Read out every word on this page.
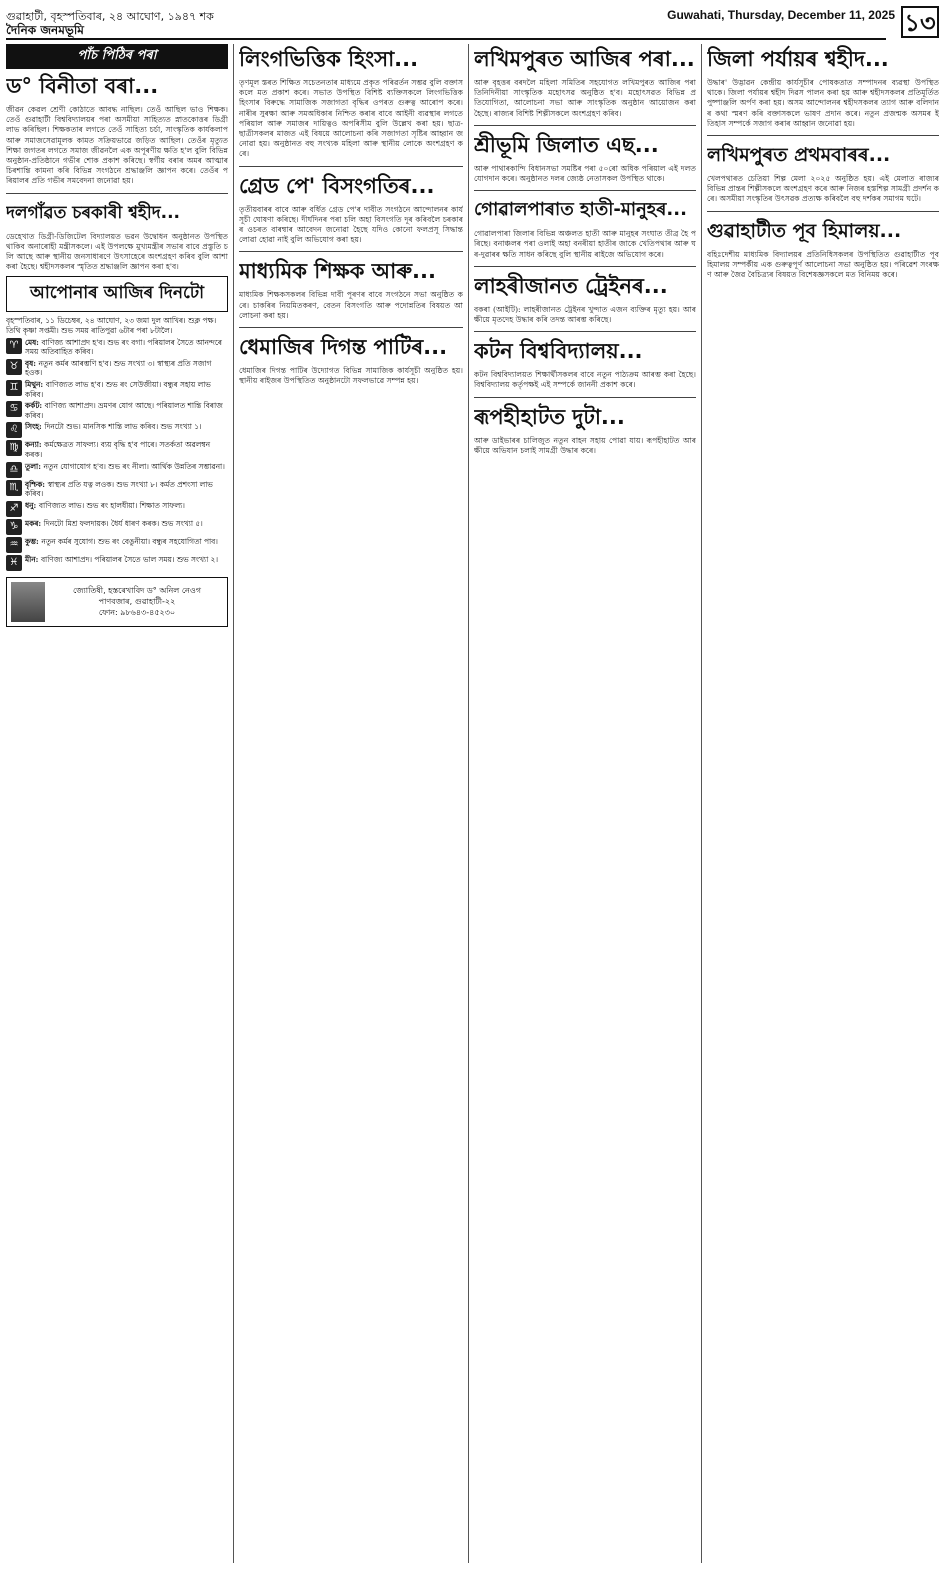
গুৱাহাটী, বৃহস্পতিবাৰ, ২৪ আঘোণ, ১৯৪৭ শক	Guwahati, Thursday, December 11, 2025 ১৩
দৈনিক জনমভূমি
পাঁচ পিঠিৰ পৰা
ড° বিনীতা বৰা...
জীৱন কেৱল শ্ৰেণী কোঠাতে আবদ্ধ নাছিল। তেওঁ আছিল ভাও শিক্ষক। তেওঁ গুৱাহাটী বিশ্ববিদ্যালয়ৰ পৰা অসমীয়া সাহিত্যত স্নাতকোত্তৰ ডিগ্ৰী লাভ কৰিছিল। শিক্ষকতাৰ লগতে তেওঁ সাহিত্য চৰ্চা, সাংস্কৃতিক কাৰ্যকলাপ আৰু সমাজসেৱামূলক কামত সক্ৰিয়ভাৱে জড়িত আছিল। তেওঁৰ মৃত্যুত শিক্ষা জগতৰ লগতে সমাজ জীৱনলৈ এক অপূৰণীয় ক্ষতি হ'ল বুলি বিভিন্ন অনুষ্ঠান-প্ৰতিষ্ঠানে গভীৰ শোক প্ৰকাশ কৰিছে। স্বৰ্গীয় বৰাৰ অমৰ আত্মাৰ চিৰশান্তি কামনা কৰি বিভিন্ন সংগঠনে শ্ৰদ্ধাঞ্জলি জ্ঞাপন কৰে। তেওঁৰ পৰিয়ালৰ প্ৰতি গভীৰ সমবেদনা জনোৱা হয়।
দলগাঁৱত চৰকাৰী শ্বহীদ...
ডেহেখাত ডিগ্ৰী-ডিজিটেল বিদ্যালয়ত ভৱন উদ্বোধন অনুষ্ঠানত উপস্থিত থাকিব অনাৰোহী মন্ত্ৰীসকলে। এই উপলক্ষে মুখ্যমন্ত্ৰীৰ সভাৰ বাবে প্ৰস্তুতি চলি আছে আৰু স্থানীয় জনসাধাৰণে উৎসাহেৰে অংশগ্ৰহণ কৰিব বুলি আশা কৰা হৈছে। শ্বহীদসকলৰ স্মৃতিত শ্ৰদ্ধাঞ্জলি জ্ঞাপন কৰা হ'ব।
আপোনাৰ আজিৰ দিনটো
বৃহস্পতিবাৰ, ১১ ডিচেম্বৰ, ২৪ আঘোণ, ২৩ জমা দুল আখিৰ। শুক্ল পক্ষ। তিথি কৃষ্ণা সপ্তমী। শুভ সময় ৰাতিপুৱা ৬টাৰ পৰা ৮টালৈ।
♈ মেষ: বাণিজ্য আশাপ্ৰদ হ'ব। শুভ ৰং বগা। পৰিয়ালৰ সৈতে আনন্দৰে সময় অতিবাহিত কৰিব।
♉ বৃষ: নতুন কৰ্মৰ আৰম্ভণি হ'ব। শুভ সংখ্যা ৩। স্বাস্থ্যৰ প্ৰতি সজাগ হওক।
♊ মিথুন: বাণিজ্যত লাভ হ'ব। শুভ ৰং সেউজীয়া। বন্ধুৰ সহায় লাভ কৰিব।
♋ কৰ্কট: বাণিজ্য আশাপ্ৰদ। ভ্ৰমণৰ যোগ আছে। পৰিয়ালত শান্তি বিৰাজ কৰিব।
♌ সিংহ: দিনটো শুভ। মানসিক শান্তি লাভ কৰিব। শুভ সংখ্যা ১।
♍ কন্যা: কৰ্মক্ষেত্ৰত সাফল্য। ব্যয় বৃদ্ধি হ'ব পাৰে। সতৰ্কতা অৱলম্বন কৰক।
♎ তুলা: নতুন যোগাযোগ হ'ব। শুভ ৰং নীলা। আৰ্থিক উন্নতিৰ সম্ভাৱনা।
♏ বৃশ্চিক: স্বাস্থ্যৰ প্ৰতি যত্ন লওক। শুভ সংখ্যা ৮। কৰ্মত প্ৰশংসা লাভ কৰিব।
♐ ধনু: বাণিজ্যত লাভ। শুভ ৰং হালধীয়া। শিক্ষাত সাফল্য।
♑ মকৰ: দিনটো মিশ্ৰ ফলদায়ক। ধৈৰ্য ধাৰণ কৰক। শুভ সংখ্যা ৫।
♒ কুম্ভ: নতুন কৰ্মৰ সুযোগ। শুভ ৰং বেঙুনীয়া। বন্ধুৰ সহযোগিতা পাব।
♓ মীন: বাণিজ্য আশাপ্ৰদ। পৰিয়ালৰ সৈতে ভাল সময়। শুভ সংখ্যা ২।
জ্যোতিষী, হস্তৰেখাবিদ ড° অনিল নেওগ
পাণবজাৰ, গুৱাহাটী-২২
ফোন: ৯৮৬৪৩-৪৫২৩০
লিংগভিত্তিক হিংসা...
তৃণমূল স্তৰত শিক্ষিত সচেতনতাৰ মাধ্যমে প্ৰকৃত পৰিৱৰ্তন সম্ভৱ বুলি বক্তাসকলে মত প্ৰকাশ কৰে। সভাত উপস্থিত বিশিষ্ট ব্যক্তিসকলে লিংগভিত্তিক হিংসাৰ বিৰুদ্ধে সামাজিক সজাগতা বৃদ্ধিৰ ওপৰত গুৰুত্ব আৰোপ কৰে। নাৰীৰ সুৰক্ষা আৰু সমঅধিকাৰ নিশ্চিত কৰাৰ বাবে আইনী ব্যৱস্থাৰ লগতে পৰিয়াল আৰু সমাজৰ দায়িত্বও অপৰিসীম বুলি উল্লেখ কৰা হয়। ছাত্ৰ-ছাত্ৰীসকলৰ মাজত এই বিষয়ে আলোচনা কৰি সজাগতা সৃষ্টিৰ আহ্বান জনোৱা হয়। অনুষ্ঠানত বহু সংখ্যক মহিলা আৰু স্থানীয় লোকে অংশগ্ৰহণ কৰে।
গ্ৰেড পে' বিসংগতিৰ...
তৃতীয়বাৰৰ বাবে আৰু বৰ্ধিত গ্ৰেড পে'ৰ দাবীত সংগঠনে আন্দোলনৰ কাৰ্যসূচী ঘোষণা কৰিছে। দীৰ্ঘদিনৰ পৰা চলি অহা বিসংগতি দূৰ কৰিবলৈ চৰকাৰৰ ওচৰত বাৰম্বাৰ আবেদন জনোৱা হৈছে যদিও কোনো ফলপ্ৰসূ সিদ্ধান্ত লোৱা হোৱা নাই বুলি অভিযোগ কৰা হয়।
মাধ্যমিক শিক্ষক আৰু...
মাধ্যমিক শিক্ষকসকলৰ বিভিন্ন দাবী পূৰণৰ বাবে সংগঠনে সভা অনুষ্ঠিত কৰে। চাকৰিৰ নিয়মিতকৰণ, বেতন বিসংগতি আৰু পদোন্নতিৰ বিষয়ত আলোচনা কৰা হয়।
ধেমাজিৰ দিগন্ত পাটিৰ...
ধেমাজিৰ দিগন্ত পাটিৰ উদ্যোগত বিভিন্ন সামাজিক কাৰ্যসূচী অনুষ্ঠিত হয়। স্থানীয় ৰাইজৰ উপস্থিতিত অনুষ্ঠানটো সফলভাৱে সম্পন্ন হয়।
লখিমপুৰত আজিৰ পৰা...
আৰু বৃহত্তৰ বৰদলৈ মহিলা সমিতিৰ সহযোগত লখিমপুৰত আজিৰ পৰা তিনিদিনীয়া সাংস্কৃতিক মহোৎসৱ অনুষ্ঠিত হ'ব। মহোৎসৱত বিভিন্ন প্ৰতিযোগিতা, আলোচনা সভা আৰু সাংস্কৃতিক অনুষ্ঠান আয়োজন কৰা হৈছে। ৰাজ্যৰ বিশিষ্ট শিল্পীসকলে অংশগ্ৰহণ কৰিব।
শ্ৰীভূমি জিলাত এছ...
আৰু পাথাৰকান্দি বিধানসভা সমষ্টিৰ পৰা ৫০ৰো অধিক পৰিয়াল এই দলত যোগদান কৰে। অনুষ্ঠানত দলৰ জ্যেষ্ঠ নেতাসকল উপস্থিত থাকে।
গোৱালপাৰাত হাতী-মানুহৰ...
গোৱালপাৰা জিলাৰ বিভিন্ন অঞ্চলত হাতী আৰু মানুহৰ সংঘাত তীব্ৰ হৈ পৰিছে। বনাঞ্চলৰ পৰা ওলাই অহা বনৰীয়া হাতীৰ জাকে খেতিপথাৰ আৰু ঘৰ-দুৱাৰৰ ক্ষতি সাধন কৰিছে বুলি স্থানীয় ৰাইজে অভিযোগ কৰে।
লাহৰীজানত ট্ৰেইনৰ...
বকৰা (আইটি): লাহৰীজানত ট্ৰেইনৰ খুন্দাত এজন ব্যক্তিৰ মৃত্যু হয়। আৰক্ষীয়ে মৃতদেহ উদ্ধাৰ কৰি তদন্ত আৰম্ভ কৰিছে।
কটন বিশ্ববিদ্যালয়...
কটন বিশ্ববিদ্যালয়ত শিক্ষাৰ্থীসকলৰ বাবে নতুন পাঠ্যক্ৰম আৰম্ভ কৰা হৈছে। বিশ্ববিদ্যালয় কৰ্তৃপক্ষই এই সম্পৰ্কে জাননী প্ৰকাশ কৰে।
ৰূপহীহাটত দুটা...
আৰু ডাইভাৰৰ চালিজুত নতুন বাহন সহায় পোৱা যায়। ৰূপহীহাটত আৰক্ষীয়ে অভিযান চলাই সামগ্ৰী উদ্ধাৰ কৰে।
জিলা পৰ্যায়ৰ শ্বহীদ...
উদ্ধাৰ' উদ্ভাৱন কেন্দ্ৰীয় কাৰ্যসূচীৰ পোষকতাত সম্পাদনৰ ব্যৱস্থা উপস্থিত থাকে। জিলা পৰ্যায়ৰ শ্বহীদ দিৱস পালন কৰা হয় আৰু শ্বহীদসকলৰ প্ৰতিমূৰ্তিত পুষ্পাঞ্জলি অৰ্পণ কৰা হয়। অসম আন্দোলনৰ শ্বহীদসকলৰ ত্যাগ আৰু বলিদানৰ কথা স্মৰণ কৰি বক্তাসকলে ভাষণ প্ৰদান কৰে। নতুন প্ৰজন্মক অসমৰ ইতিহাস সম্পৰ্কে সজাগ কৰাৰ আহ্বান জনোৱা হয়।
লখিমপুৰত প্ৰথমবাৰৰ...
খেলপথাৰত চেতিয়া শিল্প মেলা ২০২৫ অনুষ্ঠিত হয়। এই মেলাত ৰাজ্যৰ বিভিন্ন প্ৰান্তৰ শিল্পীসকলে অংশগ্ৰহণ কৰে আৰু নিজৰ হস্তশিল্প সামগ্ৰী প্ৰদৰ্শন কৰে। অসমীয়া সংস্কৃতিৰ উৎসৱক প্ৰত্যক্ষ কৰিবলৈ বহু দৰ্শকৰ সমাগম ঘটে।
গুৱাহাটীত পূব হিমালয়...
বহিঃদেশীয় মাধ্যমিক বিদ্যালয়ৰ প্ৰতিনিধিসকলৰ উপস্থিতিত গুৱাহাটীত পূব হিমালয় সম্পৰ্কীয় এক গুৰুত্বপূৰ্ণ আলোচনা সভা অনুষ্ঠিত হয়। পৰিৱেশ সংৰক্ষণ আৰু জৈৱ বৈচিত্ৰ্যৰ বিষয়ত বিশেষজ্ঞসকলে মত বিনিময় কৰে।
